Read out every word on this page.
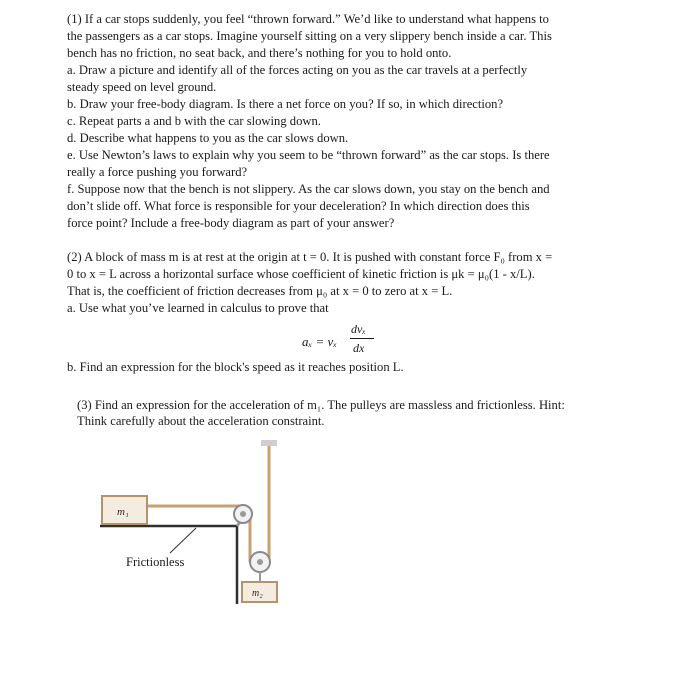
(1) If a car stops suddenly, you feel “thrown forward.” We’d like to understand what happens to
the passengers as a car stops. Imagine yourself sitting on a very slippery bench inside a car. This
bench has no friction, no seat back, and there’s nothing for you to hold onto.
a. Draw a picture and identify all of the forces acting on you as the car travels at a perfectly
steady speed on level ground.
b. Draw your free-body diagram. Is there a net force on you? If so, in which direction?
c. Repeat parts a and b with the car slowing down.
d. Describe what happens to you as the car slows down.
e. Use Newton’s laws to explain why you seem to be “thrown forward” as the car stops. Is there
really a force pushing you forward?
f. Suppose now that the bench is not slippery. As the car slows down, you stay on the bench and
don’t slide off. What force is responsible for your deceleration? In which direction does this
force point? Include a free-body diagram as part of your answer?
(2) A block of mass m is at rest at the origin at t = 0. It is pushed with constant force F₀ from x =
0 to x = L across a horizontal surface whose coefficient of kinetic friction is μk = μ₀(1 - x/L).
That is, the coefficient of friction decreases from μ₀ at x = 0 to zero at x = L.
a. Use what you’ve learned in calculus to prove that
aₓ = vₓ
dvₓ
dx
b. Find an expression for the block's speed as it reaches position L.
(3) Find an expression for the acceleration of m₁. The pulleys are massless and frictionless. Hint:
Think carefully about the acceleration constraint.
m₁
m₂
Frictionless
